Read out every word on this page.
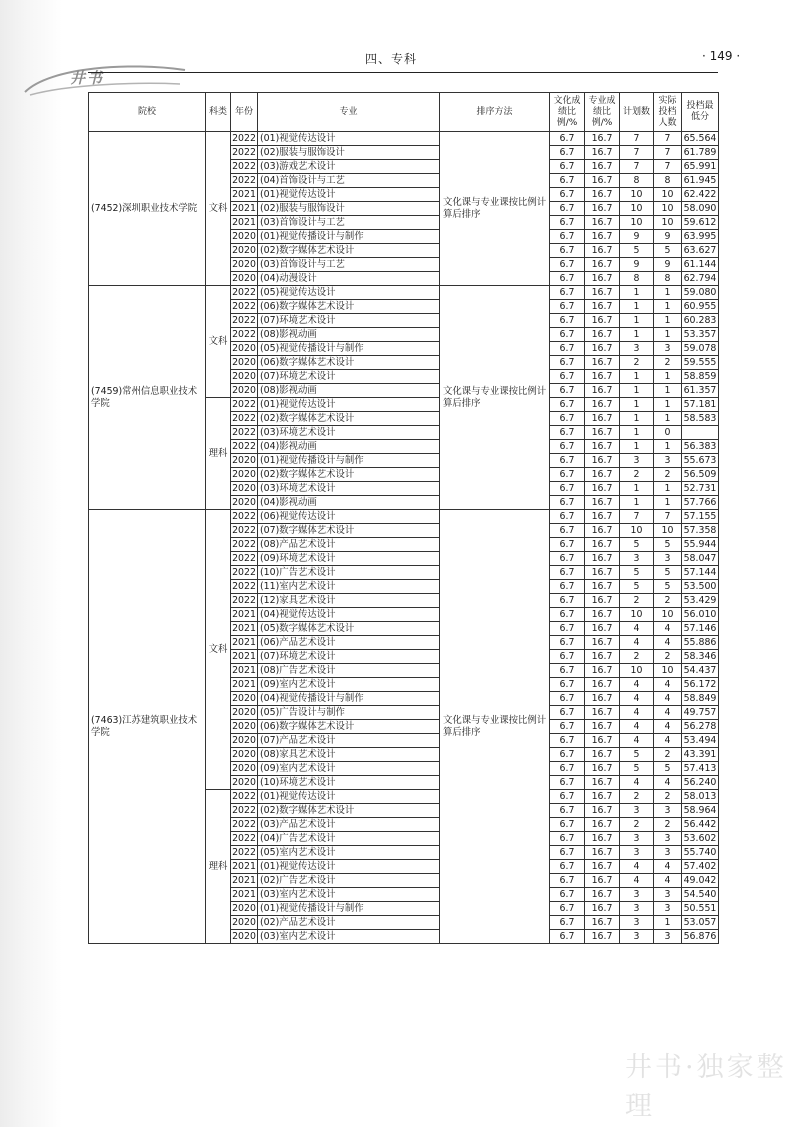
井书
四、专科	· 149 ·
院校	科类	年份	专业	排序方法	文化成绩比例/%	专业成绩比例/%	计划数	实际投档人数	投档最低分
(7452)深圳职业技术学院	文科	2022	(01)视觉传达设计	文化课与专业课按比例计算后排序	6.7	16.7	7	7	65.564
		2022	(02)服装与服饰设计		6.7	16.7	7	7	61.789
		2022	(03)游戏艺术设计		6.7	16.7	7	7	65.991
		2022	(04)首饰设计与工艺		6.7	16.7	8	8	61.945
		2021	(01)视觉传达设计		6.7	16.7	10	10	62.422
		2021	(02)服装与服饰设计		6.7	16.7	10	10	58.090
		2021	(03)首饰设计与工艺		6.7	16.7	10	10	59.612
		2020	(01)视觉传播设计与制作		6.7	16.7	9	9	63.995
		2020	(02)数字媒体艺术设计		6.7	16.7	5	5	63.627
		2020	(03)首饰设计与工艺		6.7	16.7	9	9	61.144
		2020	(04)动漫设计		6.7	16.7	8	8	62.794
(7459)常州信息职业技术学院	文科	2022	(05)视觉传达设计	文化课与专业课按比例计算后排序	6.7	16.7	1	1	59.080
		2022	(06)数字媒体艺术设计		6.7	16.7	1	1	60.955
		2022	(07)环境艺术设计		6.7	16.7	1	1	60.283
		2022	(08)影视动画		6.7	16.7	1	1	53.357
		2020	(05)视觉传播设计与制作		6.7	16.7	3	3	59.078
		2020	(06)数字媒体艺术设计		6.7	16.7	2	2	59.555
		2020	(07)环境艺术设计		6.7	16.7	1	1	58.859
		2020	(08)影视动画		6.7	16.7	1	1	61.357
	理科	2022	(01)视觉传达设计		6.7	16.7	1	1	57.181
		2022	(02)数字媒体艺术设计		6.7	16.7	1	1	58.583
		2022	(03)环境艺术设计		6.7	16.7	1	0	
		2022	(04)影视动画		6.7	16.7	1	1	56.383
		2020	(01)视觉传播设计与制作		6.7	16.7	3	3	55.673
		2020	(02)数字媒体艺术设计		6.7	16.7	2	2	56.509
		2020	(03)环境艺术设计		6.7	16.7	1	1	52.731
		2020	(04)影视动画		6.7	16.7	1	1	57.766
(7463)江苏建筑职业技术学院	文科	2022	(06)视觉传达设计	文化课与专业课按比例计算后排序	6.7	16.7	7	7	57.155
		2022	(07)数字媒体艺术设计		6.7	16.7	10	10	57.358
		2022	(08)产品艺术设计		6.7	16.7	5	5	55.944
		2022	(09)环境艺术设计		6.7	16.7	3	3	58.047
		2022	(10)广告艺术设计		6.7	16.7	5	5	57.144
		2022	(11)室内艺术设计		6.7	16.7	5	5	53.500
		2022	(12)家具艺术设计		6.7	16.7	2	2	53.429
		2021	(04)视觉传达设计		6.7	16.7	10	10	56.010
		2021	(05)数字媒体艺术设计		6.7	16.7	4	4	57.146
		2021	(06)产品艺术设计		6.7	16.7	4	4	55.886
		2021	(07)环境艺术设计		6.7	16.7	2	2	58.346
		2021	(08)广告艺术设计		6.7	16.7	10	10	54.437
		2021	(09)室内艺术设计		6.7	16.7	4	4	56.172
		2020	(04)视觉传播设计与制作		6.7	16.7	4	4	58.849
		2020	(05)广告设计与制作		6.7	16.7	4	4	49.757
		2020	(06)数字媒体艺术设计		6.7	16.7	4	4	56.278
		2020	(07)产品艺术设计		6.7	16.7	4	4	53.494
		2020	(08)家具艺术设计		6.7	16.7	5	2	43.391
		2020	(09)室内艺术设计		6.7	16.7	5	5	57.413
		2020	(10)环境艺术设计		6.7	16.7	4	4	56.240
	理科	2022	(01)视觉传达设计		6.7	16.7	2	2	58.013
		2022	(02)数字媒体艺术设计		6.7	16.7	3	3	58.964
		2022	(03)产品艺术设计		6.7	16.7	2	2	56.442
		2022	(04)广告艺术设计		6.7	16.7	3	3	53.602
		2022	(05)室内艺术设计		6.7	16.7	3	3	55.740
		2021	(01)视觉传达设计		6.7	16.7	4	4	57.402
		2021	(02)广告艺术设计		6.7	16.7	4	4	49.042
		2021	(03)室内艺术设计		6.7	16.7	3	3	54.540
		2020	(01)视觉传播设计与制作		6.7	16.7	3	3	50.551
		2020	(02)产品艺术设计		6.7	16.7	3	1	53.057
		2020	(03)室内艺术设计		6.7	16.7	3	3	56.876
井书·独家整理
